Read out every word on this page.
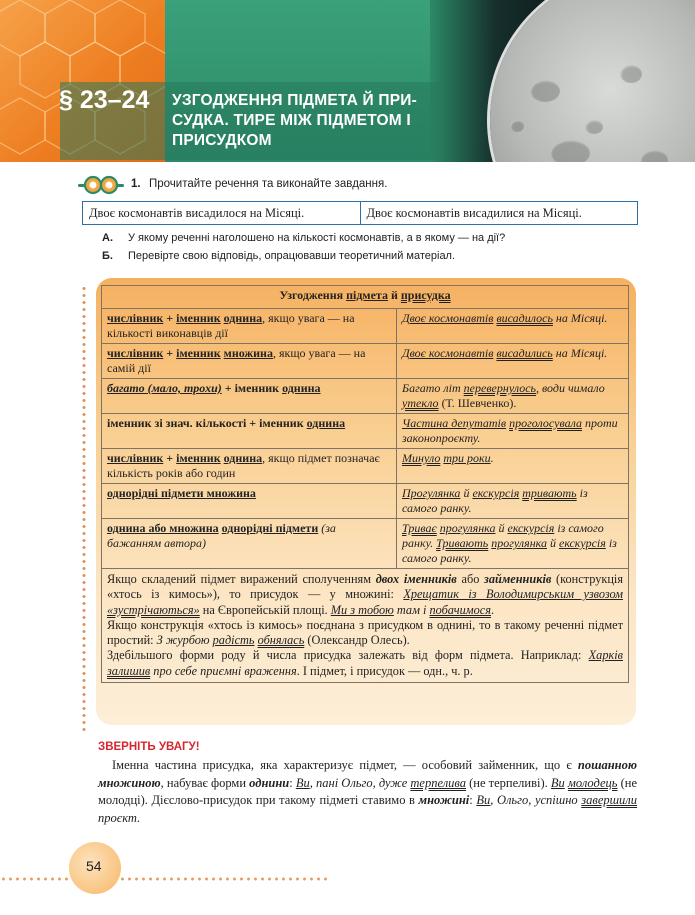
§ 23–24 УЗГОДЖЕННЯ ПІДМЕТА Й ПРИ-
СУДКА. ТИРЕ МІЖ ПІДМЕТОМ І
ПРИСУДКОМ
1. Прочитайте речення та виконайте завдання.
Двоє космонавтів висадилося на Місяці.	Двоє космонавтів висадилися на Місяці.
А. У якому реченні наголошено на кількості космонавтів, а в якому — на дії?
Б. Перевірте свою відповідь, опрацювавши теоретичний матеріал.
Узгодження підмета й присудка	
числівник + іменник однина, якщо увага — на кількості виконавців дії	Двоє космонавтів висадилось на Місяці.
числівник + іменник множина, якщо увага — на самій дії	Двоє космонавтів висадились на Місяці.
багато (мало, трохи) + іменник однина	Багато літ перевернулось, води чимало утекло (Т. Шевченко).
іменник зі знач. кількості + іменник однина	Частина депутатів проголосувала проти законопроєкту.
числівник + іменник однина, якщо підмет позначає кількість років або годин	Минуло три роки.
однорідні підмети множина	Прогулянка й екскурсія тривають із самого ранку.
однина або множина однорідні підмети (за бажанням автора)	Триває прогулянка й екскурсія із самого ранку. Тривають прогулянка й екскурсія із самого ранку.

Якщо складений підмет виражений сполученням двох іменників або займенників (конструкція «хтось із кимось»), то присудок — у множині: Хрещатик із Володимирським узвозом «зустрічаються» на Європейській площі. Ми з тобою там і побачимося.
Якщо конструкція «хтось із кимось» поєднана з присудком в однині, то в такому реченні підмет простий: З журбою радість обнялась (Олександр Олесь).
Здебільшого форми роду й числа присудка залежать від форм підмета. Наприклад: Харків залишив про себе приємні враження. І підмет, і присудок — одн., ч. р.	
ЗВЕРНІТЬ УВАГУ!
Іменна частина присудка, яка характеризує підмет, — особовий займенник, що є пошанною множиною, набуває форми однини: Ви, пані Ольго, дуже терпелива (не терпеливі). Ви молодець (не молодці). Дієслово-присудок при такому підметі ставимо в множині: Ви, Ольго, успішно завершили проєкт.
54
